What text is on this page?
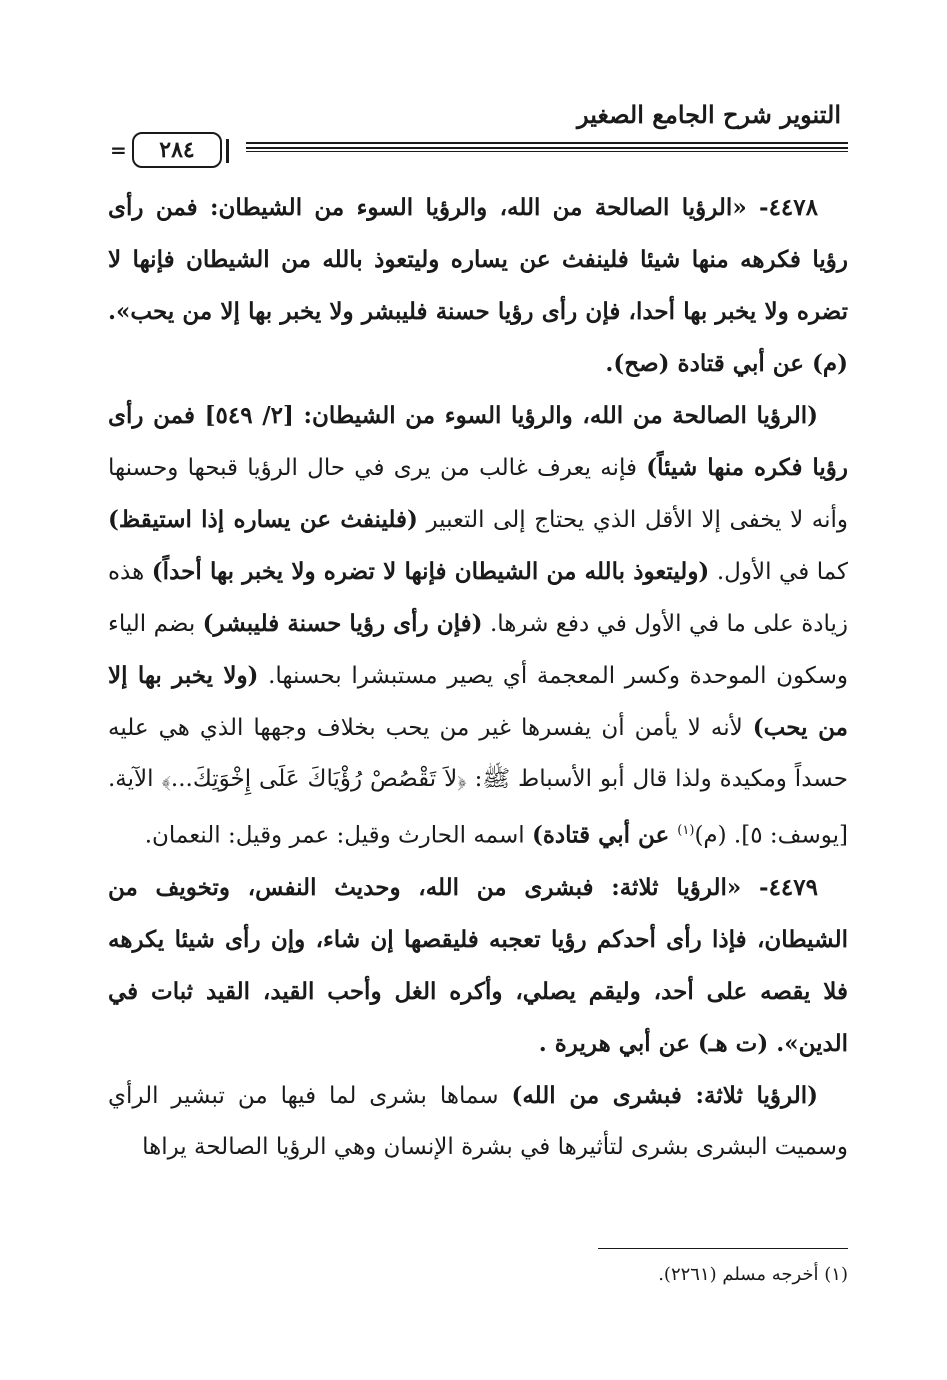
التنوير شرح الجامع الصغير
=	٢٨٤

٤٤٧٨- «الرؤيا الصالحة من الله، والرؤيا السوء من الشيطان: فمن رأى رؤيا فكرهه منها شيئا فلينفث عن يساره وليتعوذ بالله من الشيطان فإنها لا تضره ولا يخبر بها أحدا، فإن رأى رؤيا حسنة فليبشر ولا يخبر بها إلا من يحب». (م) عن أبي قتادة (صح).

(الرؤيا الصالحة من الله، والرؤيا السوء من الشيطان: [٢/ ٥٤٩] فمن رأى رؤيا فكره منها شيئاً) فإنه يعرف غالب من يرى في حال الرؤيا قبحها وحسنها وأنه لا يخفى إلا الأقل الذي يحتاج إلى التعبير (فلينفث عن يساره إذا استيقظ) كما في الأول. (وليتعوذ بالله من الشيطان فإنها لا تضره ولا يخبر بها أحداً) هذه زيادة على ما في الأول في دفع شرها. (فإن رأى رؤيا حسنة فليبشر) بضم الياء وسكون الموحدة وكسر المعجمة أي يصير مستبشرا بحسنها. (ولا يخبر بها إلا من يحب) لأنه لا يأمن أن يفسرها غير من يحب بخلاف وجهها الذي هي عليه حسداً ومكيدة ولذا قال أبو الأسباط ﷺ: ﴿لاَ تَقْصُصْ رُؤْيَاكَ عَلَى إِخْوَتِكَ...﴾ الآية. [يوسف: ٥]. (م)$^{(١)}$ عن أبي قتادة) اسمه الحارث وقيل: عمر وقيل: النعمان.

٤٤٧٩- «الرؤيا ثلاثة: فبشرى من الله، وحديث النفس، وتخويف من الشيطان، فإذا رأى أحدكم رؤيا تعجبه فليقصها إن شاء، وإن رأى شيئا يكرهه فلا يقصه على أحد، وليقم يصلي، وأكره الغل وأحب القيد، القيد ثبات في الدين». (ت هـ) عن أبي هريرة .

(الرؤيا ثلاثة: فبشرى من الله) سماها بشرى لما فيها من تبشير الرأي وسميت البشرى بشرى لتأثيرها في بشرة الإنسان وهي الرؤيا الصالحة يراها

(١) أخرجه مسلم (٢٢٦١).
